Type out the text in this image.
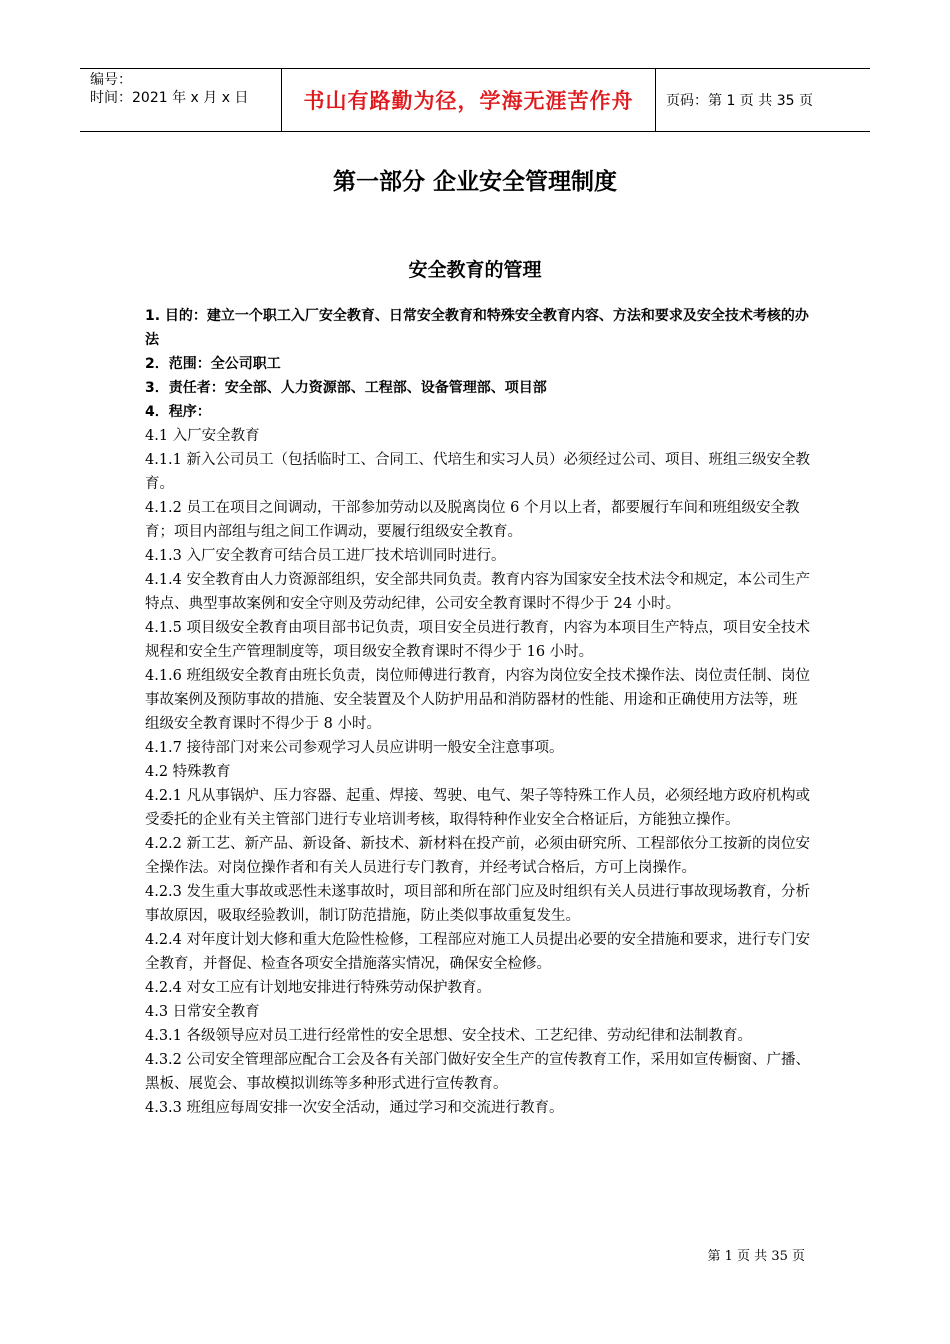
编号：
时间：2021 年 x 月 x 日	书山有路勤为径，学海无涯苦作舟 页码：第 1 页 共 35 页
第一部分 企业安全管理制度
安全教育的管理

1. 目的：建立一个职工入厂安全教育、日常安全教育和特殊安全教育内容、方法和要求及安全技术考核的办法

2．范围：全公司职工

3．责任者：安全部、人力资源部、工程部、设备管理部、项目部

4．程序：

4.1 入厂安全教育

4.1.1 新入公司员工（包括临时工、合同工、代培生和实习人员）必须经过公司、项目、班组三级安全教育。

4.1.2 员工在项目之间调动，干部参加劳动以及脱离岗位 6 个月以上者，都要履行车间和班组级安全教育；项目内部组与组之间工作调动，要履行组级安全教育。

4.1.3 入厂安全教育可结合员工进厂技术培训同时进行。

4.1.4 安全教育由人力资源部组织，安全部共同负责。教育内容为国家安全技术法令和规定，本公司生产特点、典型事故案例和安全守则及劳动纪律，公司安全教育课时不得少于 24 小时。

4.1.5 项目级安全教育由项目部书记负责，项目安全员进行教育，内容为本项目生产特点，项目安全技术规程和安全生产管理制度等，项目级安全教育课时不得少于 16 小时。

4.1.6 班组级安全教育由班长负责，岗位师傅进行教育，内容为岗位安全技术操作法、岗位责任制、岗位事故案例及预防事故的措施、安全装置及个人防护用品和消防器材的性能、用途和正确使用方法等，班组级安全教育课时不得少于 8 小时。

4.1.7 接待部门对来公司参观学习人员应讲明一般安全注意事项。

4.2 特殊教育

4.2.1 凡从事锅炉、压力容器、起重、焊接、驾驶、电气、架子等特殊工作人员，必须经地方政府机构或受委托的企业有关主管部门进行专业培训考核，取得特种作业安全合格证后，方能独立操作。

4.2.2 新工艺、新产品、新设备、新技术、新材料在投产前，必须由研究所、工程部依分工按新的岗位安全操作法。对岗位操作者和有关人员进行专门教育，并经考试合格后，方可上岗操作。

4.2.3 发生重大事故或恶性未遂事故时，项目部和所在部门应及时组织有关人员进行事故现场教育，分析事故原因，吸取经验教训，制订防范措施，防止类似事故重复发生。

4.2.4 对年度计划大修和重大危险性检修，工程部应对施工人员提出必要的安全措施和要求，进行专门安全教育，并督促、检查各项安全措施落实情况，确保安全检修。

4.2.4 对女工应有计划地安排进行特殊劳动保护教育。

4.3 日常安全教育

4.3.1 各级领导应对员工进行经常性的安全思想、安全技术、工艺纪律、劳动纪律和法制教育。

4.3.2 公司安全管理部应配合工会及各有关部门做好安全生产的宣传教育工作，采用如宣传橱窗、广播、黑板、展览会、事故模拟训练等多种形式进行宣传教育。

4.3.3 班组应每周安排一次安全活动，通过学习和交流进行教育。

第 1 页 共 35 页
